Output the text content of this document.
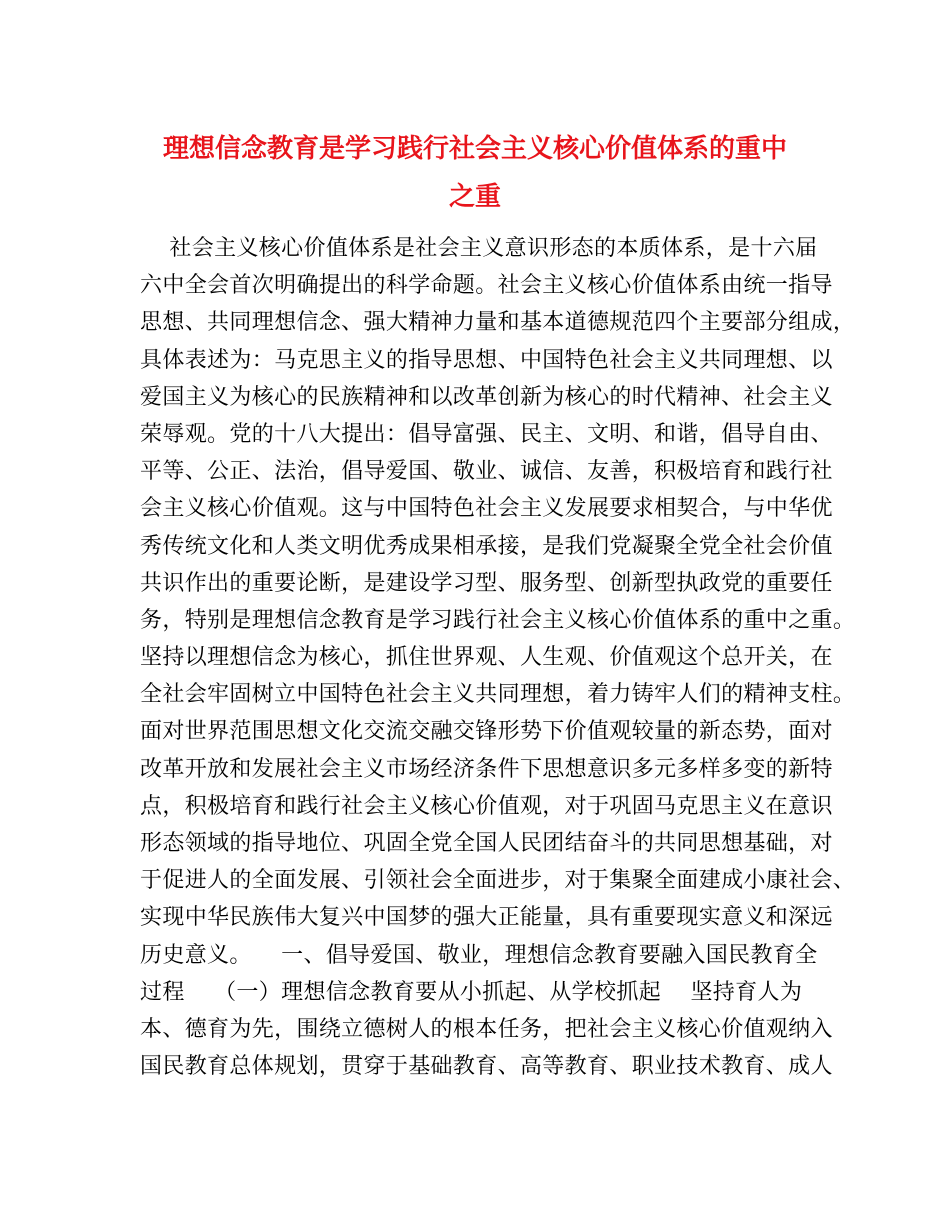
理想信念教育是学习践行社会主义核心价值体系的重中
之重
社会主义核心价值体系是社会主义意识形态的本质体系，是十六届
六中全会首次明确提出的科学命题。社会主义核心价值体系由统一指导
思想、共同理想信念、强大精神力量和基本道德规范四个主要部分组成，
具体表述为：马克思主义的指导思想、中国特色社会主义共同理想、以
爱国主义为核心的民族精神和以改革创新为核心的时代精神、社会主义
荣辱观。党的十八大提出：倡导富强、民主、文明、和谐，倡导自由、
平等、公正、法治，倡导爱国、敬业、诚信、友善，积极培育和践行社
会主义核心价值观。这与中国特色社会主义发展要求相契合，与中华优
秀传统文化和人类文明优秀成果相承接，是我们党凝聚全党全社会价值
共识作出的重要论断，是建设学习型、服务型、创新型执政党的重要任
务，特别是理想信念教育是学习践行社会主义核心价值体系的重中之重。
坚持以理想信念为核心，抓住世界观、人生观、价值观这个总开关，在
全社会牢固树立中国特色社会主义共同理想，着力铸牢人们的精神支柱。
面对世界范围思想文化交流交融交锋形势下价值观较量的新态势，面对
改革开放和发展社会主义市场经济条件下思想意识多元多样多变的新特
点，积极培育和践行社会主义核心价值观，对于巩固马克思主义在意识
形态领域的指导地位、巩固全党全国人民团结奋斗的共同思想基础，对
于促进人的全面发展、引领社会全面进步，对于集聚全面建成小康社会、
实现中华民族伟大复兴中国梦的强大正能量，具有重要现实意义和深远
历史意义。    一、倡导爱国、敬业，理想信念教育要融入国民教育全
过程    （一）理想信念教育要从小抓起、从学校抓起    坚持育人为
本、德育为先，围绕立德树人的根本任务，把社会主义核心价值观纳入
国民教育总体规划，贯穿于基础教育、高等教育、职业技术教育、成人
